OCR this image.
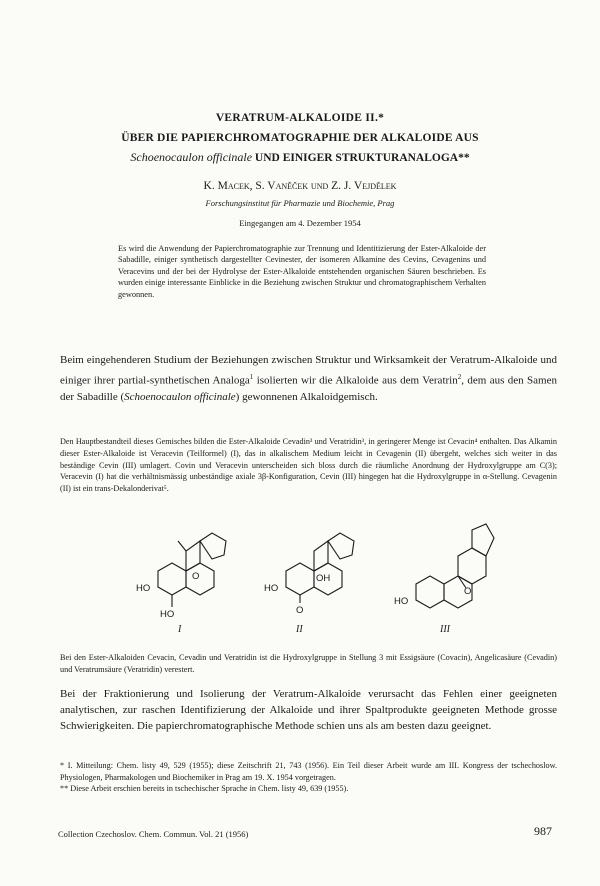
VERATRUM-ALKALOIDE II.*
ÜBER DIE PAPIERCHROMATOGRAPHIE DER ALKALOIDE AUS
Schoenocaulon officinale UND EINIGER STRUKTURANALOGA**
K. Macek, S. Vaněček und Z. J. Vejdělek
Forschungsinstitut für Pharmazie und Biochemie, Prag
Eingegangen am 4. Dezember 1954
Es wird die Anwendung der Papierchromatographie zur Trennung und Identitizierung der Ester-Alkaloide der Sabadille, einiger synthetisch dargestellter Cevinester, der isomeren Alkamine des Cevins, Cevagenins und Veracevins und der bei der Hydrolyse der Ester-Alkaloide entstehenden organischen Säuren beschrieben. Es wurden einige interessante Einblicke in die Beziehung zwischen Struktur und chromatographischem Verhalten gewonnen.
Beim eingehenderen Studium der Beziehungen zwischen Struktur und Wirksamkeit der Veratrum-Alkaloide und einiger ihrer partial-synthetischen Analoga$^1$ isolierten wir die Alkaloide aus dem Veratrin$^2$, dem aus den Samen der Sabadille (Schoenocaulon officinale) gewonnenen Alkaloidgemisch.
Den Hauptbestandteil dieses Gemisches bilden die Ester-Alkaloide Cevadin³ und Veratridin³, in geringerer Menge ist Cevacin⁴ enthalten. Das Alkamin dieser Ester-Alkaloide ist Veracevin (Teilformel) (I), das in alkalischem Medium leicht in Cevagenin (II) übergeht, welches sich weiter in das beständige Cevin (III) umlagert. Covin und Veracevin unterscheiden sich bloss durch die räumliche Anordnung der Hydroxylgruppe am C(3); Veracevin (I) hat die verhältnismässig unbeständige axiale 3β-Konfiguration, Cevin (III) hingegen hat die Hydroxylgruppe in α-Stellung. Cevagenin (II) ist ein trans-Dekalonderivat⁵.
HO
O
HO
HO
OH
O
HO
O
I	II	III
Bei den Ester-Alkaloiden Cevacin, Cevadin und Veratridin ist die Hydroxylgruppe in Stellung 3 mit Essigsäure (Covacin), Angelicasäure (Cevadin) und Veratrumsäure (Veratridin) verestert.
Bei der Fraktionierung und Isolierung der Veratrum-Alkaloide verursacht das Fehlen einer geeigneten analytischen, zur raschen Identifizierung der Alkaloide und ihrer Spaltprodukte geeigneten Methode grosse Schwierigkeiten. Die papierchromatographische Methode schien uns als am besten dazu geeignet.
* I. Mitteilung: Chem. listy 49, 529 (1955); diese Zeitschrift 21, 743 (1956). Ein Teil dieser Arbeit wurde am III. Kongress der tschechoslow. Physiologen, Pharmakologen und Biochemiker in Prag am 19. X. 1954 vorgetragen.
** Diese Arbeit erschien bereits in tschechischer Sprache in Chem. listy 49, 639 (1955).
Collection Czechoslov. Chem. Commun. Vol. 21 (1956)	987
